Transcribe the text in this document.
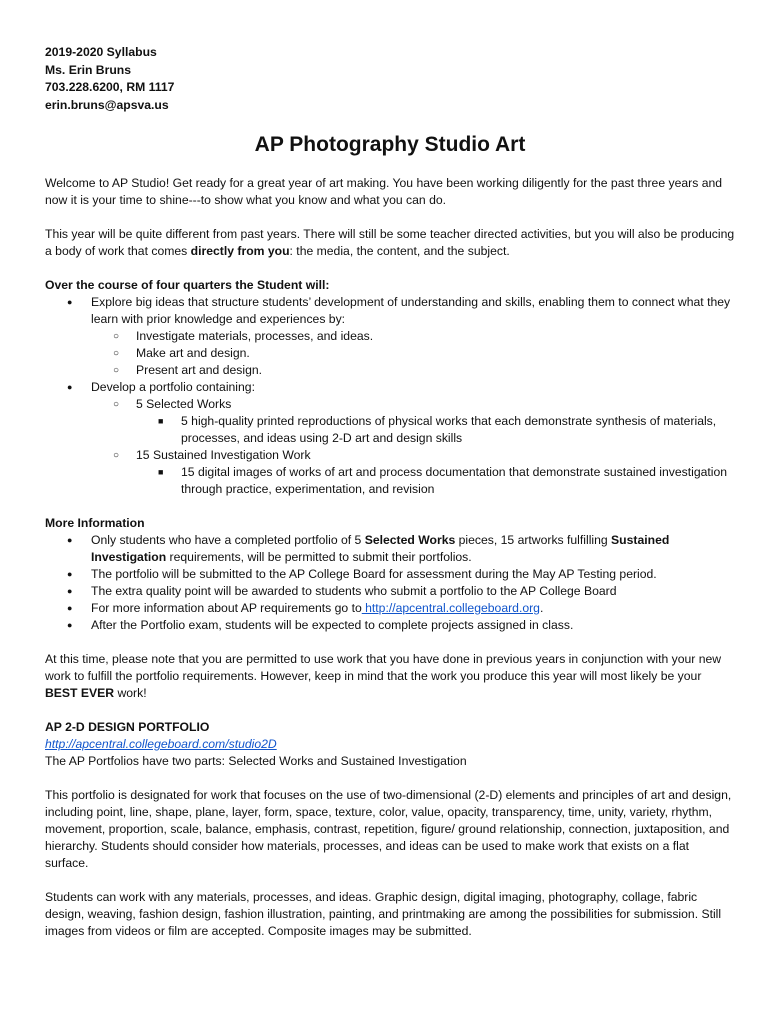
2019-2020 Syllabus

Ms. Erin Bruns

703.228.6200, RM 1117

erin.bruns@apsva.us

AP Photography Studio Art

Welcome to AP Studio! Get ready for a great year of art making. You have been working diligently for the past three years and now it is your time to shine---to show what you know and what you can do.

This year will be quite different from past years. There will still be some teacher directed activities, but you will also be producing a body of work that comes directly from you: the media, the content, and the subject.

Over the course of four quarters the Student will:

● Explore big ideas that structure students’ development of understanding and skills, enabling them to connect what they learn with prior knowledge and experiences by:
○ Investigate materials, processes, and ideas.
○ Make art and design.
○ Present art and design.
● Develop a portfolio containing:
○ 5 Selected Works
■ 5 high-quality printed reproductions of physical works that each demonstrate synthesis of materials, processes, and ideas using 2-D art and design skills
○ 15 Sustained Investigation Work
■ 15 digital images of works of art and process documentation that demonstrate sustained investigation through practice, experimentation, and revision

More Information

● Only students who have a completed portfolio of 5 Selected Works pieces, 15 artworks fulfilling Sustained Investigation requirements, will be permitted to submit their portfolios.
● The portfolio will be submitted to the AP College Board for assessment during the May AP Testing period.
● The extra quality point will be awarded to students who submit a portfolio to the AP College Board
● For more information about AP requirements go to http://apcentral.collegeboard.org.
● After the Portfolio exam, students will be expected to complete projects assigned in class.

At this time, please note that you are permitted to use work that you have done in previous years in conjunction with your new work to fulfill the portfolio requirements. However, keep in mind that the work you produce this year will most likely be your BEST EVER work!

AP 2-D DESIGN PORTFOLIO

http://apcentral.collegeboard.com/studio2D

The AP Portfolios have two parts: Selected Works and Sustained Investigation

This portfolio is designated for work that focuses on the use of two-dimensional (2-D) elements and principles of art and design, including point, line, shape, plane, layer, form, space, texture, color, value, opacity, transparency, time, unity, variety, rhythm, movement, proportion, scale, balance, emphasis, contrast, repetition, figure/ ground relationship, connection, juxtaposition, and hierarchy. Students should consider how materials, processes, and ideas can be used to make work that exists on a flat surface.

Students can work with any materials, processes, and ideas. Graphic design, digital imaging, photography, collage, fabric design, weaving, fashion design, fashion illustration, painting, and printmaking are among the possibilities for submission. Still images from videos or film are accepted. Composite images may be submitted.
